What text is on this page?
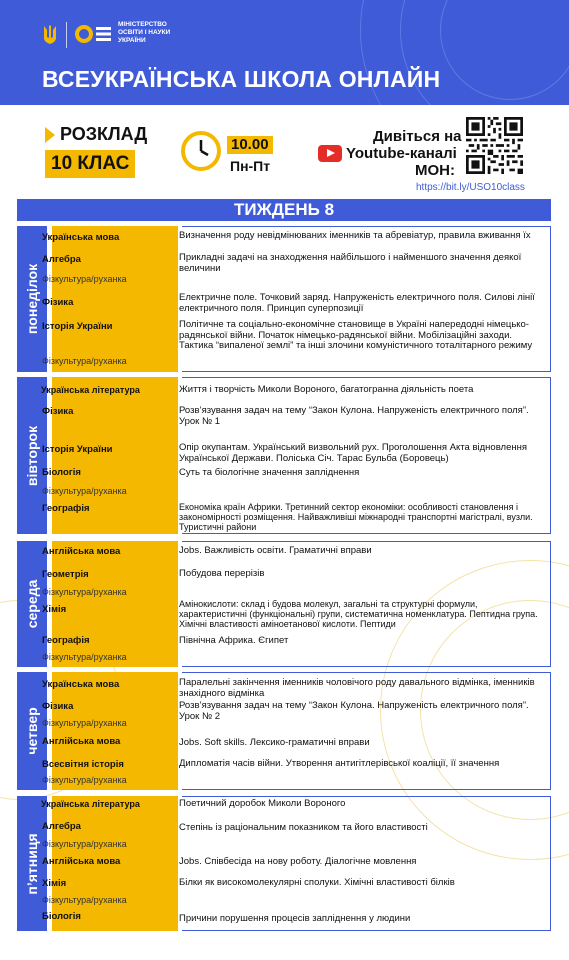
МІНІСТЕРСТВО
ОСВІТИ І НАУКИ
УКРАЇНИ
ВСЕУКРАЇНСЬКА ШКОЛА ОНЛАЙН
РОЗКЛАД
10 КЛАС
10.00
Пн-Пт
Дивіться на
Youtube-каналі
МОН:
https://bit.ly/USO10class
ТИЖДЕНЬ 8
понеділок
Українська мова
Алгебра
Фізкультура/руханка
Фізика
Історія України
Фізкультура/руханка
Визначення роду невідмінюваних іменників та абревіатур, правила вживання їх
Прикладні задачі на знаходження найбільшого і найменшого значення деякої величини
Електричне поле. Точковий заряд. Напруженість електричного поля. Силові лінії електричного поля. Принцип суперпозиції
Політичне та соціально-економічне становище в Україні напередодні німецько-радянської війни. Початок німецько-радянської війни. Мобілізаційні заходи. Тактика “випаленої землі” та інші злочини комуністичного тоталітарного режиму
вівторок
Українська література
Фізика
Історія України
Біологія
Фізкультура/руханка
Географія
Життя і творчість Миколи Вороного, багатогранна діяльність поета
Розв’язування задач на тему “Закон Кулона. Напруженість електричного поля”. Урок № 1
Опір окупантам. Український визвольний рух. Проголошення Акта відновлення Української Держави. Поліська Січ. Тарас Бульба (Боровець)
Суть та біологічне значення запліднення
Економіка країн Африки. Третинний сектор економіки: особливості становлення і закономірності розміщення. Найважливіші міжнародні транспортні магістралі, вузли. Туристичні райони
середа
Англійська мова
Геометрія
Фізкультура/руханка
Хімія
Географія
Фізкультура/руханка
Jobs. Важливість освіти. Граматичні вправи
Побудова перерізів
Амінокислоти: склад і будова молекул, загальні та структурні формули, характеристичні (функціональні) групи, систематична номенклатура. Пептидна група. Хімічні властивості аміноетанової кислоти. Пептиди
Північна Африка. Єгипет
четвер
Українська мова
Фізика
Фізкультура/руханка
Англійська мова
Всесвітня історія
Фізкультура/руханка
Паралельні закінчення іменників чоловічого роду давального відмінка, іменників знахідного відмінка
Розв’язування задач на тему “Закон Кулона. Напруженість електричного поля”. Урок № 2
Jobs. Soft skills. Лексико-граматичні вправи
Дипломатія часів війни. Утворення антигітлерівської коаліції, її значення
п’ятниця
Українська література
Алгебра
Фізкультура/руханка
Англійська мова
Хімія
Фізкультура/руханка
Біологія
Поетичний доробок Миколи Вороного
Степінь із раціональним показником та його властивості
Jobs. Співбесіда на нову роботу. Діалогічне мовлення
Білки як високомолекулярні сполуки. Хімічні властивості білків
Причини порушення процесів запліднення у людини
